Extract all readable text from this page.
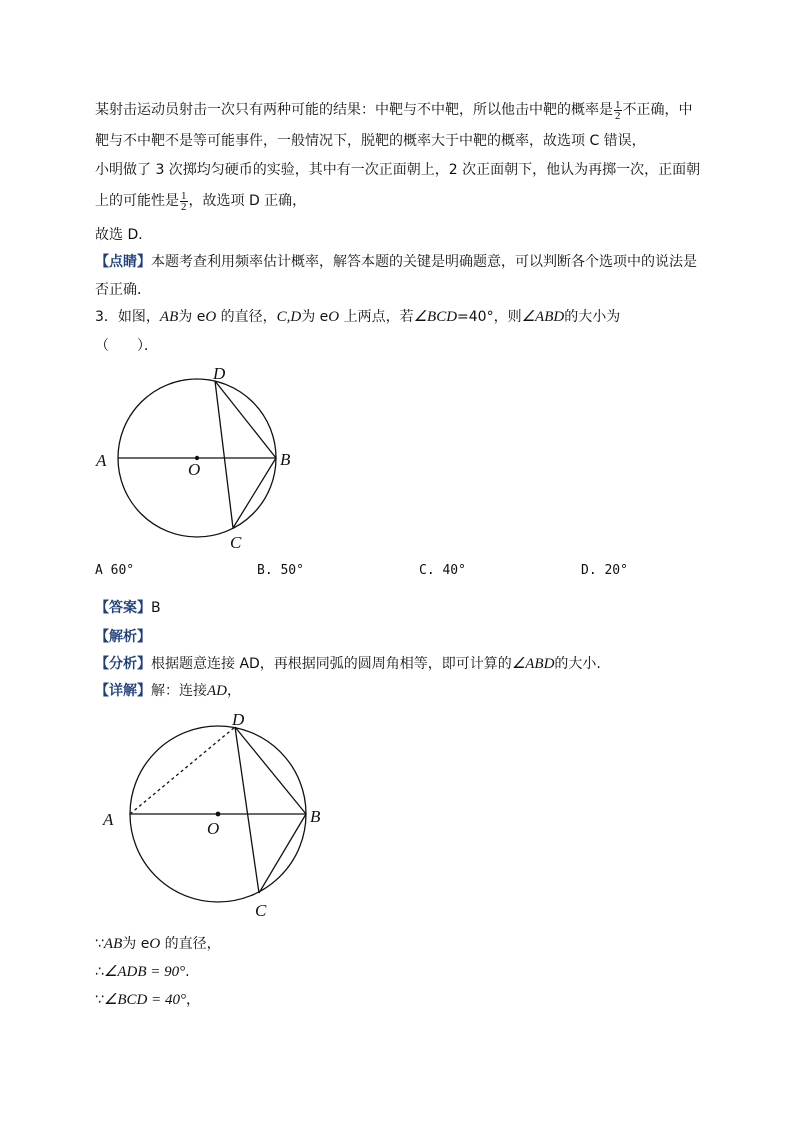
某射击运动员射击一次只有两种可能的结果：中靶与不中靶，所以他击中靶的概率是 $\frac{1}{2}$ 不正确，中
靶与不中靶不是等可能事件，一般情况下，脱靶的概率大于中靶的概率，故选项 C 错误，
小明做了 3 次掷均匀硬币的实验，其中有一次正面朝上，2 次正面朝下，他认为再掷一次，正面朝
上的可能性是 $\frac{1}{2}$ ，故选项 D 正确，
故选 D．
【点睛】本题考查利用频率估计概率，解答本题的关键是明确题意，可以判断各个选项中的说法是
否正确．
3．如图，AB为 eO 的直径，C,D为 eO 上两点，若∠BCD=40°，则∠ABD的大小为
（　　）．
A	B
C
D
O
A 60°	B. 50°	C. 40°	D. 20°
【答案】B
【解析】
【分析】根据题意连接 AD，再根据同弧的圆周角相等，即可计算的∠ABD的大小.
【详解】解：连接AD，
A	B
C
D
O
∵AB为 eO 的直径，
∴∠ADB = 90°.
∵∠BCD = 40°，
